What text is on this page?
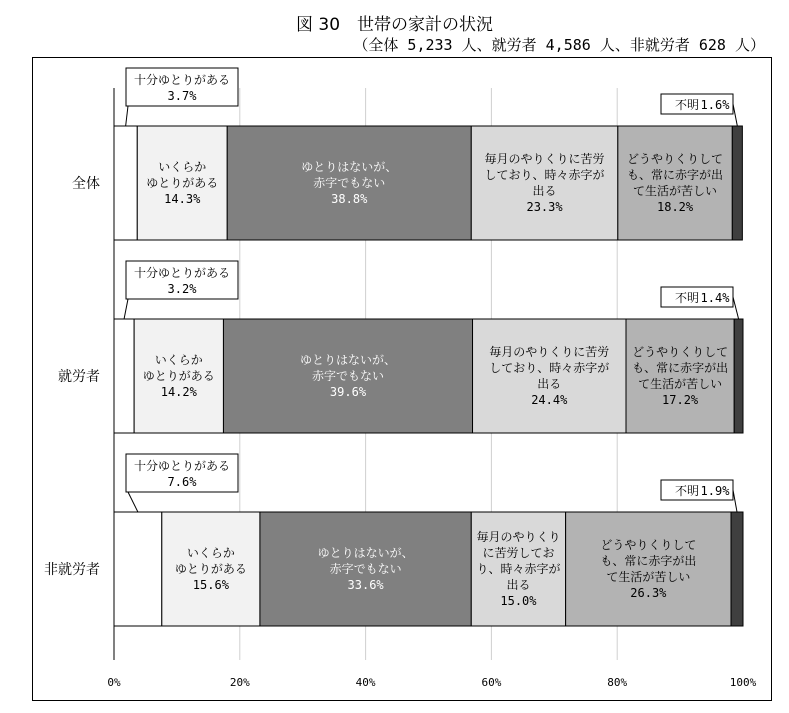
図 30　世帯の家計の状況
（全体 5,233 人、就労者 4,586 人、非就労者 628 人）
0%	20%	40%	60%	80%	100%
全体
十分ゆとりがある
3.7%
いくらか
ゆとりがある
14.3%
ゆとりはないが、
赤字でもない
38.8%
毎月のやりくりに苦労
しており、時々赤字が
出る
23.3%
どうやりくりして
も、常に赤字が出
て生活が苦しい
18.2%
不明 1.6%
就労者
十分ゆとりがある
3.2%
いくらか
ゆとりがある
14.2%
ゆとりはないが、
赤字でもない
39.6%
毎月のやりくりに苦労
しており、時々赤字が
出る
24.4%
どうやりくりして
も、常に赤字が出
て生活が苦しい
17.2%
不明 1.4%
非就労者
十分ゆとりがある
7.6%
いくらか
ゆとりがある
15.6%
ゆとりはないが、
赤字でもない
33.6%
毎月のやりくり
に苦労してお
り、時々赤字が
出る
15.0%
どうやりくりして
も、常に赤字が出
て生活が苦しい
26.3%
不明 1.9%
